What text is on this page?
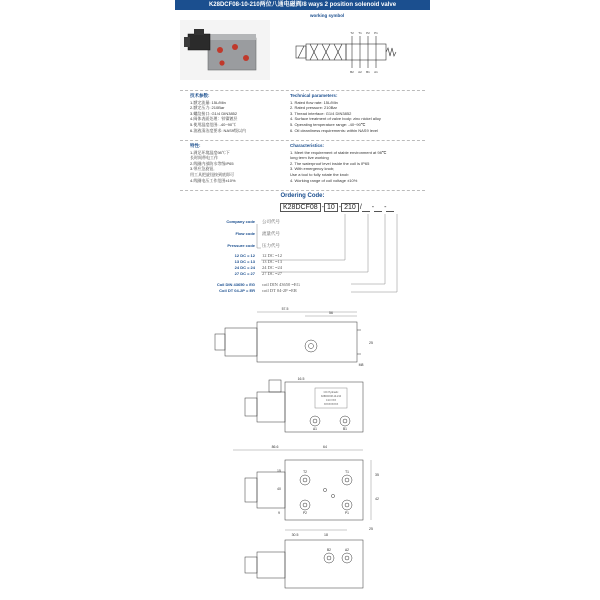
K28DCF08-10-210两位八通电磁阀/8 ways 2 position solenoid valve
working symbol
T2 T1 P2 P1
B2 A2 B1 A1
技术参数:
1.额定流量: 15L/Min
2.额定压力: 210Bar
3.螺纹接口: G1/4 DIN3852
4.阀体表面处理：锌镍镀层
5.使用温度范围: -40~90℃
6.油液清洁度要求: NAS9级以内
Technical parameters:
1. Rated flow rate: 15L/Min
2. Rated pressure: 210Bar
3. Thread interface: G1/4 DIN3852
4. Surface treatment of valve body: zinc nickel alloy
5. Operating temperature range: -40~90℃
6. Oil cleanliness requirements: within NAS9 level
特性:
1.满足环境温度98℃下
长时间带电工作
2.线圈内部防水等级IP65
3.带应急旋钮,
用工具把旋钮按到底即可
4.线圈电压工作范围±10%
Characteristics:
1. Meet the requirement of stable environment at 98℃
long term live working
2. The waterproof level inside the coil is IP65
3. With emergency knob;
Use a tool to fully rotate the knob
4. Working range of coil voltage ±10%
Ordering Code:
K28DCF08 - 10 - 210 / - -
Company code 公司代号
Flow code 流量代号
Pressure code 压力代号
12 DC = 12 12 DC =12
13 DC = 13 13 DC =13
24 DC = 24 24 DC =24
27 DC = 27 27 DC =27
Coil DIN 43650 = EG coil DIN 43650 =EG
Coil DT 04-2P = ER coil DT 04-2P =ER
57.5
56
25
M8
86.6	64
16.5
35
42
30.5	18
40
25
15
9
A1	B1
T2	T1
P2	P1
B2	A2
CIC Hydraulic
K28DCF08-10-210
0.10 XXX
XXXXXXXXX
